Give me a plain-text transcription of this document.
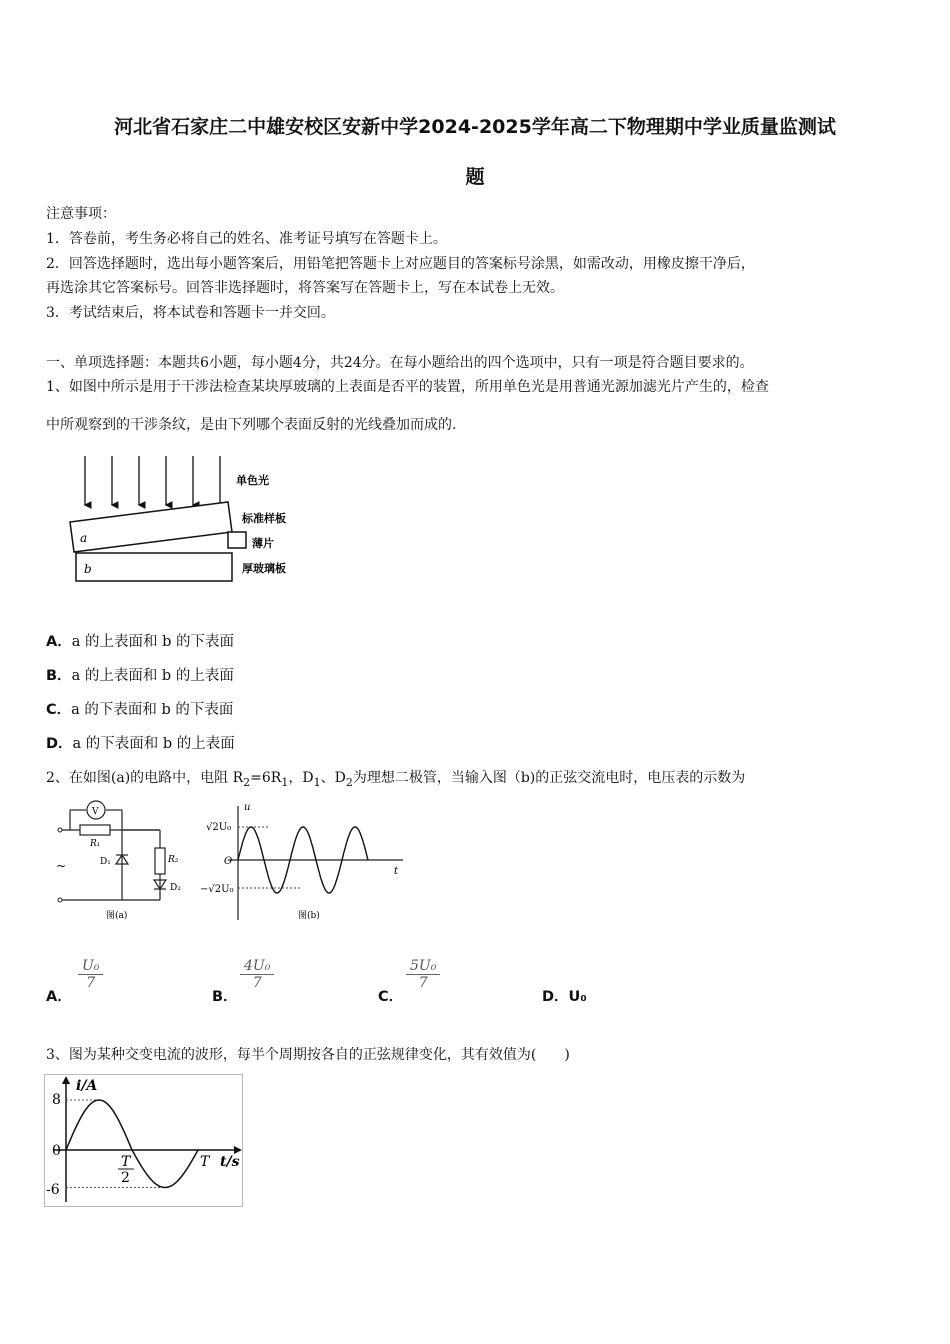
河北省石家庄二中雄安校区安新中学2024-2025学年高二下物理期中学业质量监测试
题
注意事项：
1．答卷前，考生务必将自己的姓名、准考证号填写在答题卡上。
2．回答选择题时，选出每小题答案后，用铅笔把答题卡上对应题目的答案标号涂黑，如需改动，用橡皮擦干净后，
再选涂其它答案标号。回答非选择题时，将答案写在答题卡上，写在本试卷上无效。
3．考试结束后，将本试卷和答题卡一并交回。
一、单项选择题：本题共6小题，每小题4分，共24分。在每小题给出的四个选项中，只有一项是符合题目要求的。
1、如图中所示是用于干涉法检查某块厚玻璃的上表面是否平的装置，所用单色光是用普通光源加滤光片产生的，检查
中所观察到的干涉条纹，是由下列哪个表面反射的光线叠加而成的.
a
b
单色光
标准样板
薄片
厚玻璃板
A．a 的上表面和 b 的下表面
B．a 的上表面和 b 的上表面
C．a 的下表面和 b 的下表面
D．a 的下表面和 b 的上表面
2、在如图(a)的电路中，电阻 $R_2=6R_1$，$D_1$、$D_2$为理想二极管，当输入图（b)的正弦交流电时，电压表的示数为
V
R₁
R₂
D₁
D₂
~
图(a)
u
t
O
√2U₀
−√2U₀
图(b)
A．
$\frac{\text{U₀}}{7}$
B．
$\frac{\text{4U₀}}{7}$
C．
$\frac{\text{5U₀}}{7}$
D．U₀
3、图为某种交变电流的波形，每半个周期按各自的正弦规律变化，其有效值为(　　)
i/A
t/s
8
0
-6
T
2
T
